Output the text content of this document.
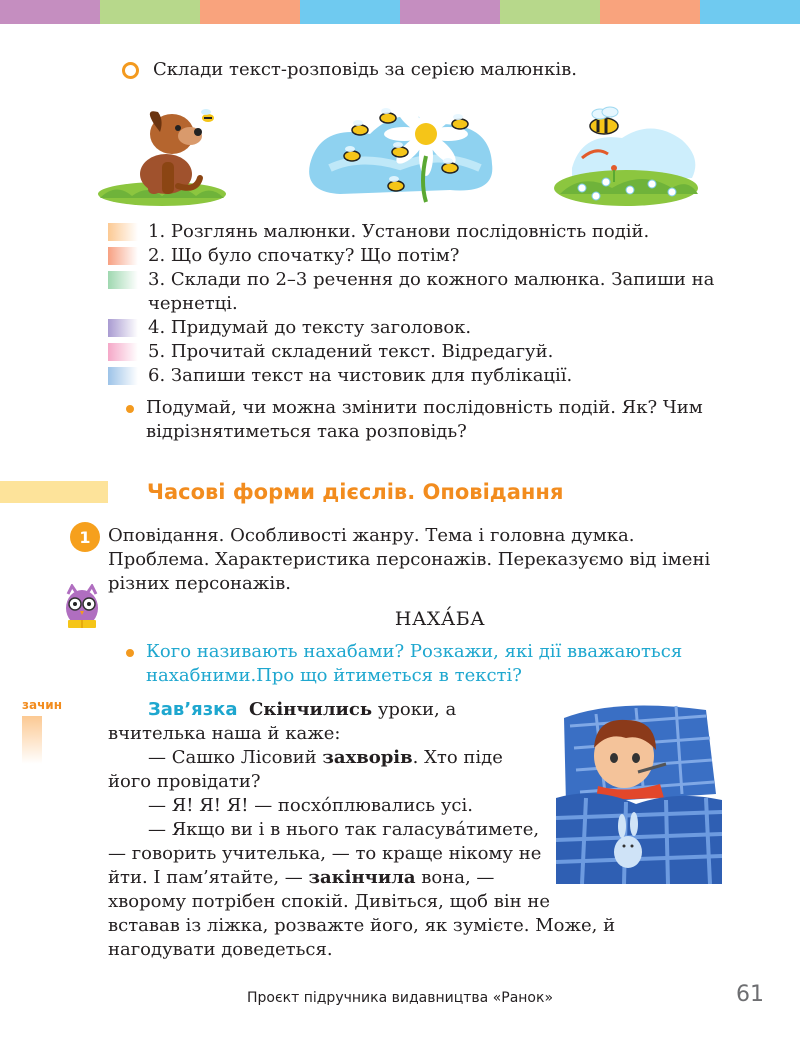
Склади текст-розповідь за серією малюнків.
1. Розглянь малюнки. Установи послідовність подій.
2. Що було спочатку? Що потім?
3. Склади по 2–3 речення до кожного малюнка. Запиши на чернетці.
4. Придумай до тексту заголовок.
5. Прочитай складений текст. Відредагуй.
6. Запиши текст на чистовик для публікації.
Подумай, чи можна змінити послідовність подій. Як? Чим відрізнятиметься така розповідь?
Часові форми дієслів. Оповідання
1 Оповідання. Особливості жанру. Тема і головна думка. Проблема. Характеристика персонажів. Переказуємо від імені різних персонажів.
НАХА́БА
Кого називають нахабами? Розкажи, які дії вважаються нахабними.Про що йтиметься в тексті?
зачин	Зав’язка Скінчились уроки, а вчителька наша й каже:

— Сашко Лісовий захворів. Хто піде його провідати?

— Я! Я! Я! — посхо́плювались усі.

— Якщо ви і в нього так галасува́тимете, — говорить учителька, — то краще нікому не йти. І пам’ятайте, — закінчила вона, — хворому потрібен спокій. Дивіться, щоб він не вставав із ліжка, розважте його, як зумієте. Може, й нагодувати доведеться.

Проєкт підручника видавництва «Ранок»	61
